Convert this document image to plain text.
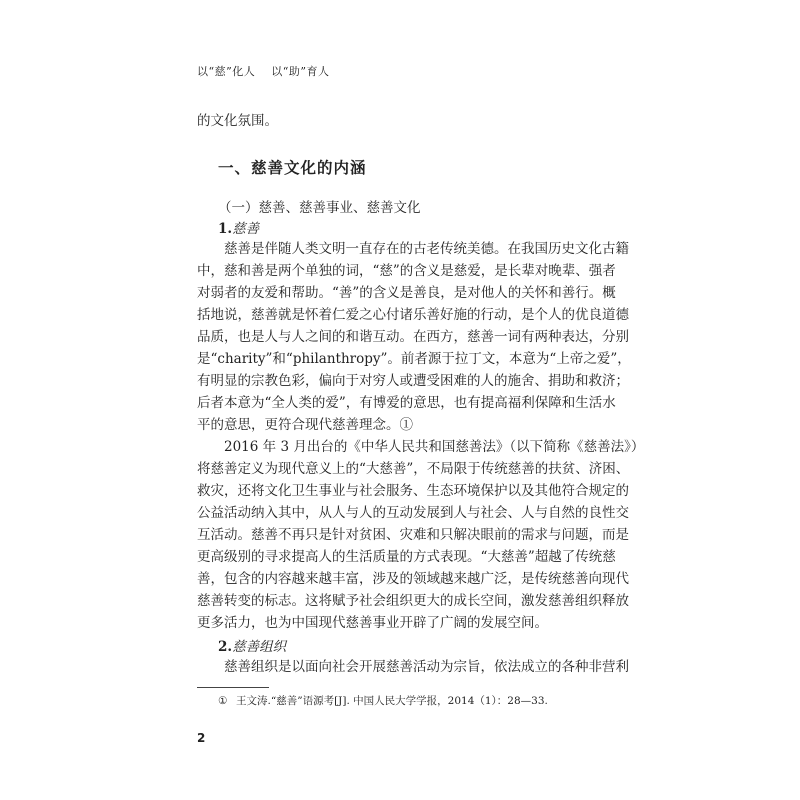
以“慈”化人 以“助”育人
的文化氛围。
一、慈善文化的内涵
（一）慈善、慈善事业、慈善文化
1.慈善
慈善是伴随人类文明一直存在的古老传统美德。在我国历史文化古籍
中，慈和善是两个单独的词，“慈”的含义是慈爱，是长辈对晚辈、强者
对弱者的友爱和帮助。“善”的含义是善良，是对他人的关怀和善行。概
括地说，慈善就是怀着仁爱之心付诸乐善好施的行动，是个人的优良道德
品质，也是人与人之间的和谐互动。在西方，慈善一词有两种表达，分别
是“charity”和“philanthropy”。前者源于拉丁文，本意为“上帝之爱”，
有明显的宗教色彩，偏向于对穷人或遭受困难的人的施舍、捐助和救济；
后者本意为“全人类的爱”，有博爱的意思，也有提高福利保障和生活水
平的意思，更符合现代慈善理念。①
2016 年 3 月出台的《中华人民共和国慈善法》（以下简称《慈善法》）
将慈善定义为现代意义上的“大慈善”，不局限于传统慈善的扶贫、济困、
救灾，还将文化卫生事业与社会服务、生态环境保护以及其他符合规定的
公益活动纳入其中，从人与人的互动发展到人与社会、人与自然的良性交
互活动。慈善不再只是针对贫困、灾难和只解决眼前的需求与问题，而是
更高级别的寻求提高人的生活质量的方式表现。“大慈善”超越了传统慈
善，包含的内容越来越丰富，涉及的领域越来越广泛，是传统慈善向现代
慈善转变的标志。这将赋予社会组织更大的成长空间，激发慈善组织释放
更多活力，也为中国现代慈善事业开辟了广阔的发展空间。
2.慈善组织
慈善组织是以面向社会开展慈善活动为宗旨，依法成立的各种非营利
① 王文涛.“慈善”语源考[J]. 中国人民大学学报，2014（1）：28—33.
2
